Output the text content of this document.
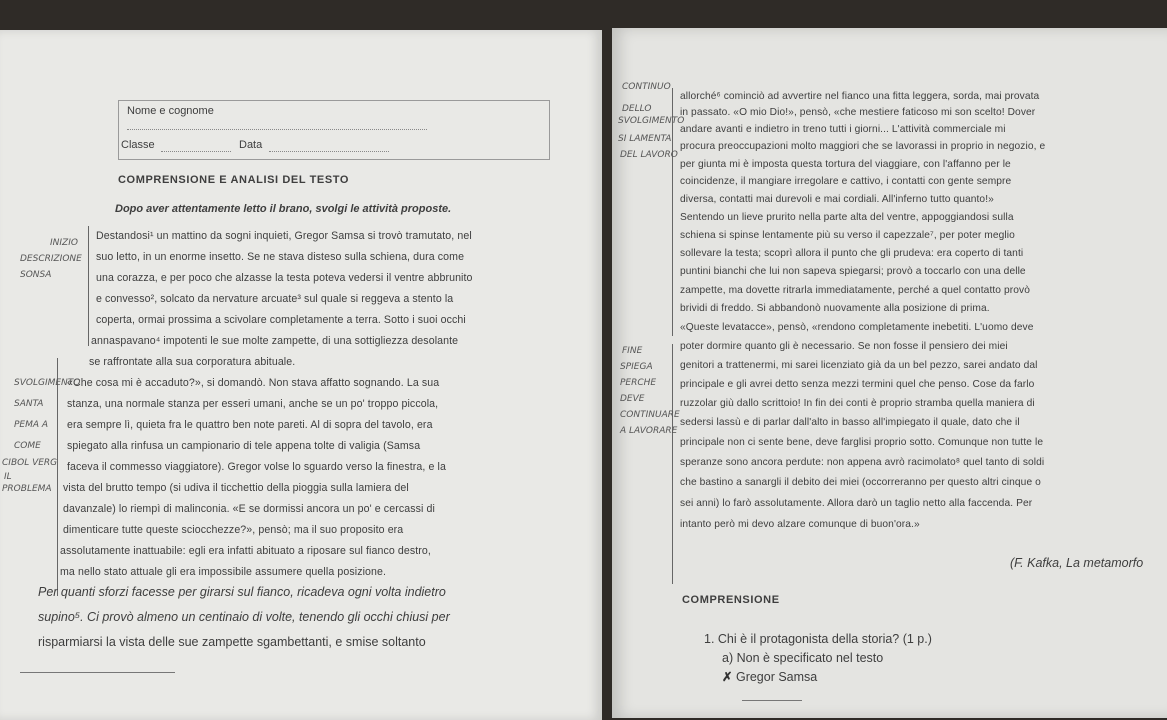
Nome e cognome
Classe	Data
COMPRENSIONE E ANALISI DEL TESTO
Dopo aver attentamente letto il brano, svolgi le attività proposte.
Destandosi¹ un mattino da sogni inquieti, Gregor Samsa si trovò tramutato, nel
suo letto, in un enorme insetto. Se ne stava disteso sulla schiena, dura come
una corazza, e per poco che alzasse la testa poteva vedersi il ventre abbrunito
e convesso², solcato da nervature arcuate³ sul quale si reggeva a stento la
coperta, ormai prossima a scivolare completamente a terra. Sotto i suoi occhi
annaspavano⁴ impotenti le sue molte zampette, di una sottigliezza desolante
se raffrontate alla sua corporatura abituale.
«Che cosa mi è accaduto?», si domandò. Non stava affatto sognando. La sua
stanza, una normale stanza per esseri umani, anche se un po' troppo piccola,
era sempre lì, quieta fra le quattro ben note pareti. Al di sopra del tavolo, era
spiegato alla rinfusa un campionario di tele appena tolte di valigia (Samsa
faceva il commesso viaggiatore). Gregor volse lo sguardo verso la finestra, e la
vista del brutto tempo (si udiva il ticchettio della pioggia sulla lamiera del
davanzale) lo riempì di malinconia. «E se dormissi ancora un po' e cercassi di
dimenticare tutte queste sciocchezze?», pensò; ma il suo proposito era
assolutamente inattuabile: egli era infatti abituato a riposare sul fianco destro,
ma nello stato attuale gli era impossibile assumere quella posizione.
Per quanti sforzi facesse per girarsi sul fianco, ricadeva ogni volta indietro
supino⁵. Ci provò almeno un centinaio di volte, tenendo gli occhi chiusi per
risparmiarsi la vista delle sue zampette sgambettanti, e smise soltanto
INIZIO
DESCRIZIONE
SONSA
SVOLGIMENTO
SANTA
PEMA A
COME
CIBOL VERG
IL
PROBLEMA
allorché⁶ cominciò ad avvertire nel fianco una fitta leggera, sorda, mai provata
in passato. «O mio Dio!», pensò, «che mestiere faticoso mi son scelto! Dover
andare avanti e indietro in treno tutti i giorni... L'attività commerciale mi
procura preoccupazioni molto maggiori che se lavorassi in proprio in negozio, e
per giunta mi è imposta questa tortura del viaggiare, con l'affanno per le
coincidenze, il mangiare irregolare e cattivo, i contatti con gente sempre
diversa, contatti mai durevoli e mai cordiali. All'inferno tutto quanto!»
Sentendo un lieve prurito nella parte alta del ventre, appoggiandosi sulla
schiena si spinse lentamente più su verso il capezzale⁷, per poter meglio
sollevare la testa; scoprì allora il punto che gli prudeva: era coperto di tanti
puntini bianchi che lui non sapeva spiegarsi; provò a toccarlo con una delle
zampette, ma dovette ritrarla immediatamente, perché a quel contatto provò
brividi di freddo. Si abbandonò nuovamente alla posizione di prima.
«Queste levatacce», pensò, «rendono completamente inebetiti. L'uomo deve
poter dormire quanto gli è necessario. Se non fosse il pensiero dei miei
genitori a trattenermi, mi sarei licenziato già da un bel pezzo, sarei andato dal
principale e gli avrei detto senza mezzi termini quel che penso. Cose da farlo
ruzzolar giù dallo scrittoio! In fin dei conti è proprio stramba quella maniera di
sedersi lassù e di parlar dall'alto in basso all'impiegato il quale, dato che il
principale non ci sente bene, deve farglisi proprio sotto. Comunque non tutte le
speranze sono ancora perdute: non appena avrò racimolato⁸ quel tanto di soldi
che bastino a sanargli il debito dei miei (occorreranno per questo altri cinque o
sei anni) lo farò assolutamente. Allora darò un taglio netto alla faccenda. Per
intanto però mi devo alzare comunque di buon'ora.»
(F. Kafka, La metamorfo
COMPRENSIONE
1. Chi è il protagonista della storia? (1 p.)
a) Non è specificato nel testo
✗ Gregor Samsa
CONTINUO
DELLO
SVOLGIMENTO
SI LAMENTA
DEL LAVORO
FINE
SPIEGA
PERCHE
DEVE
CONTINUARE
A LAVORARE
